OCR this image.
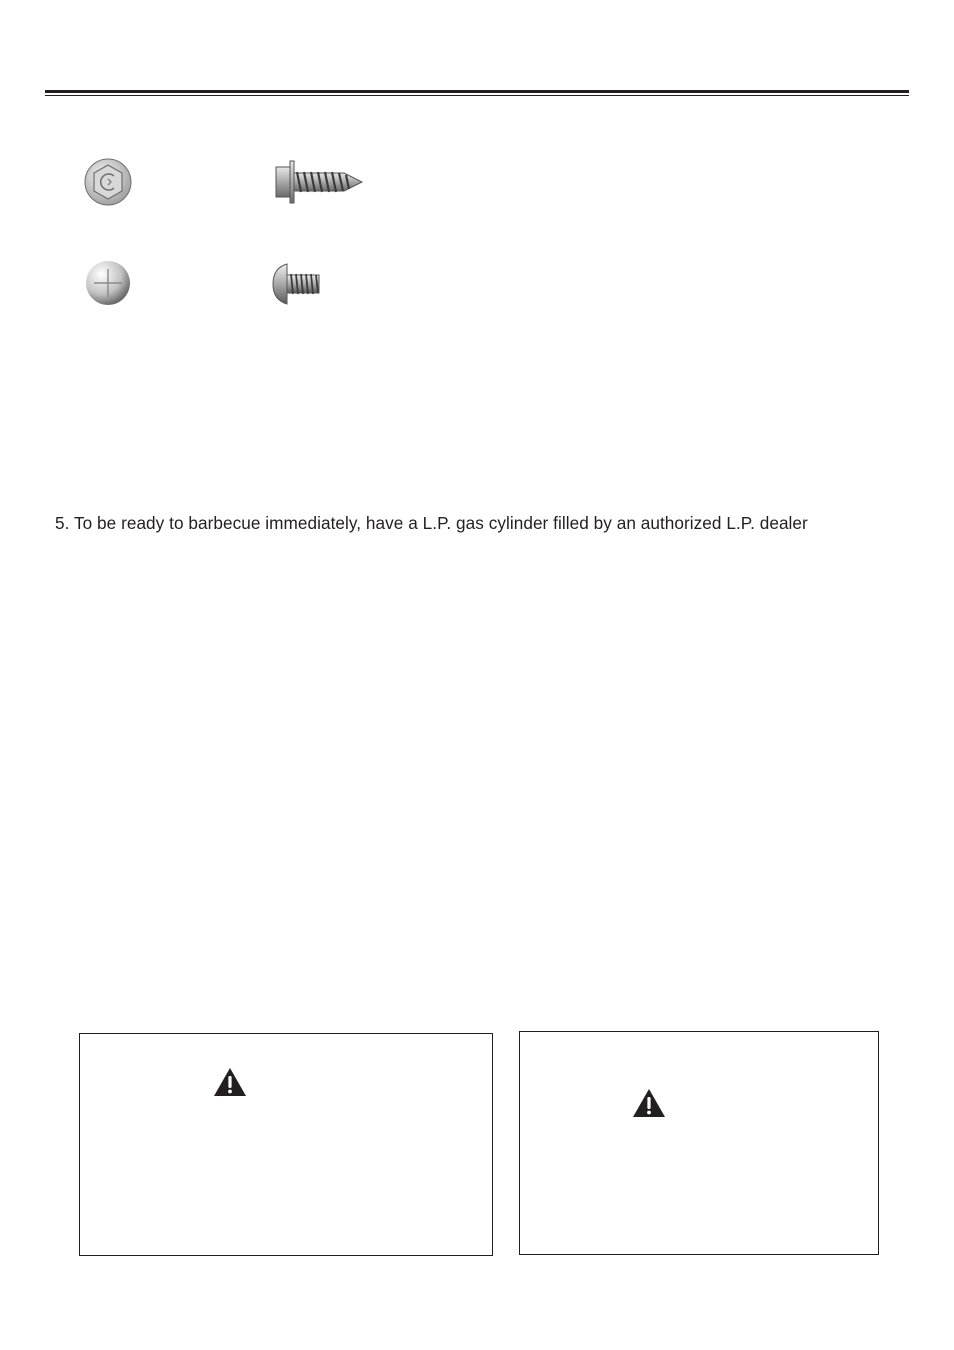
5. To be ready to barbecue immediately, have a L.P. gas cylinder filled by an authorized L.P. dealer
